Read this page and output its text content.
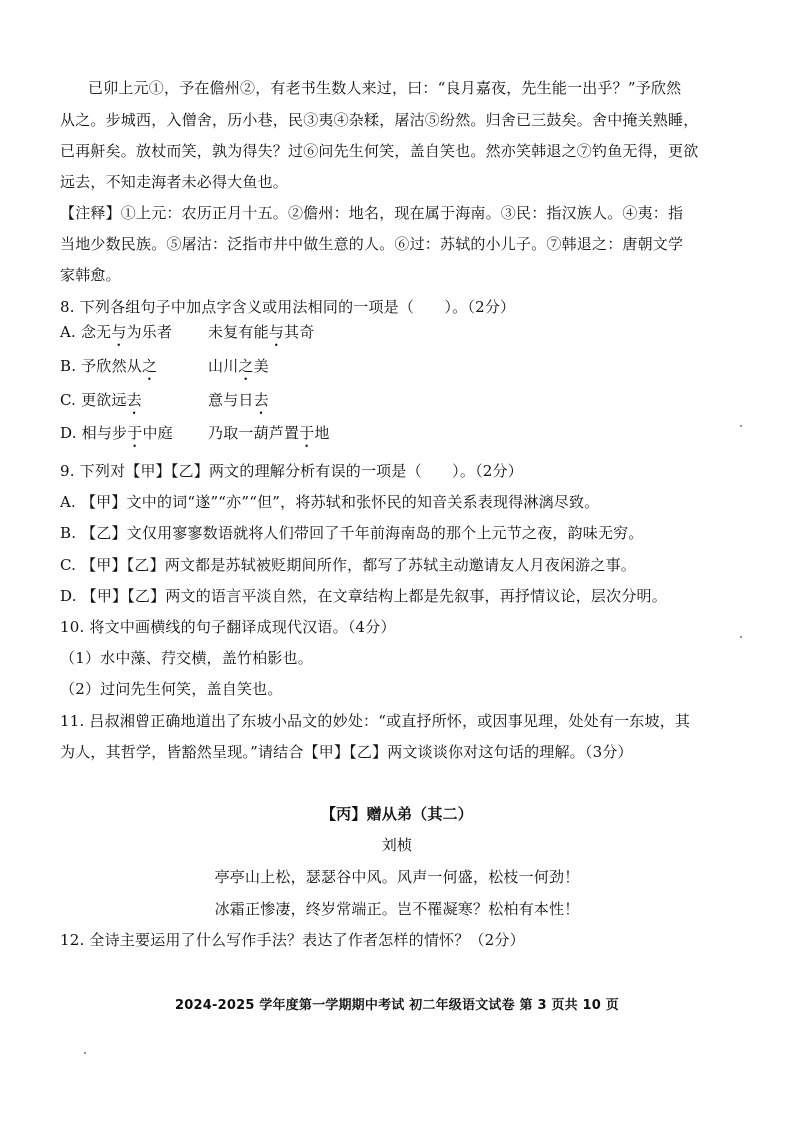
已卯上元①，予在儋州②，有老书生数人来过，曰：“良月嘉夜，先生能一出乎？”予欣然
从之。步城西，入僧舍，历小巷，民③夷④杂糅，屠沽⑤纷然。归舍已三鼓矣。舍中掩关熟睡，
已再鼾矣。放杖而笑，孰为得失？过⑥问先生何笑，盖自笑也。然亦笑韩退之⑦钓鱼无得，更欲
远去，不知走海者未必得大鱼也。
【注释】①上元：农历正月十五。②儋州：地名，现在属于海南。③民：指汉族人。④夷：指
当地少数民族。⑤屠沽：泛指市井中做生意的人。⑥过：苏轼的小儿子。⑦韩退之：唐朝文学
家韩愈。
8. 下列各组句子中加点字含义或用法相同的一项是（　　）。（2分）
A. 念无与为乐者 未复有能与其奇
B. 予欣然从之	山川之美
C. 更欲远去	意与日去
D. 相与步于中庭 乃取一葫芦置于地
9. 下列对【甲】【乙】两文的理解分析有误的一项是（　　）。（2分）
A. 【甲】文中的词“遂”“亦”“但”，将苏轼和张怀民的知音关系表现得淋漓尽致。
B. 【乙】文仅用寥寥数语就将人们带回了千年前海南岛的那个上元节之夜，韵味无穷。
C. 【甲】【乙】两文都是苏轼被贬期间所作，都写了苏轼主动邀请友人月夜闲游之事。
D. 【甲】【乙】两文的语言平淡自然，在文章结构上都是先叙事，再抒情议论，层次分明。
10. 将文中画横线的句子翻译成现代汉语。（4分）
（1）水中藻、荇交横，盖竹柏影也。
（2）过问先生何笑，盖自笑也。
11. 吕叔湘曾正确地道出了东坡小品文的妙处：“或直抒所怀，或因事见理，处处有一东坡，其
为人，其哲学，皆豁然呈现。”请结合【甲】【乙】两文谈谈你对这句话的理解。（3分）
【丙】赠从弟（其二）
刘桢
亭亭山上松，瑟瑟谷中风。风声一何盛，松枝一何劲！
冰霜正惨凄，终岁常端正。岂不罹凝寒？松柏有本性！
12. 全诗主要运用了什么写作手法？表达了作者怎样的情怀？（2分）
2024-2025 学年度第一学期期中考试 初二年级语文试卷 第 3 页共 10 页
